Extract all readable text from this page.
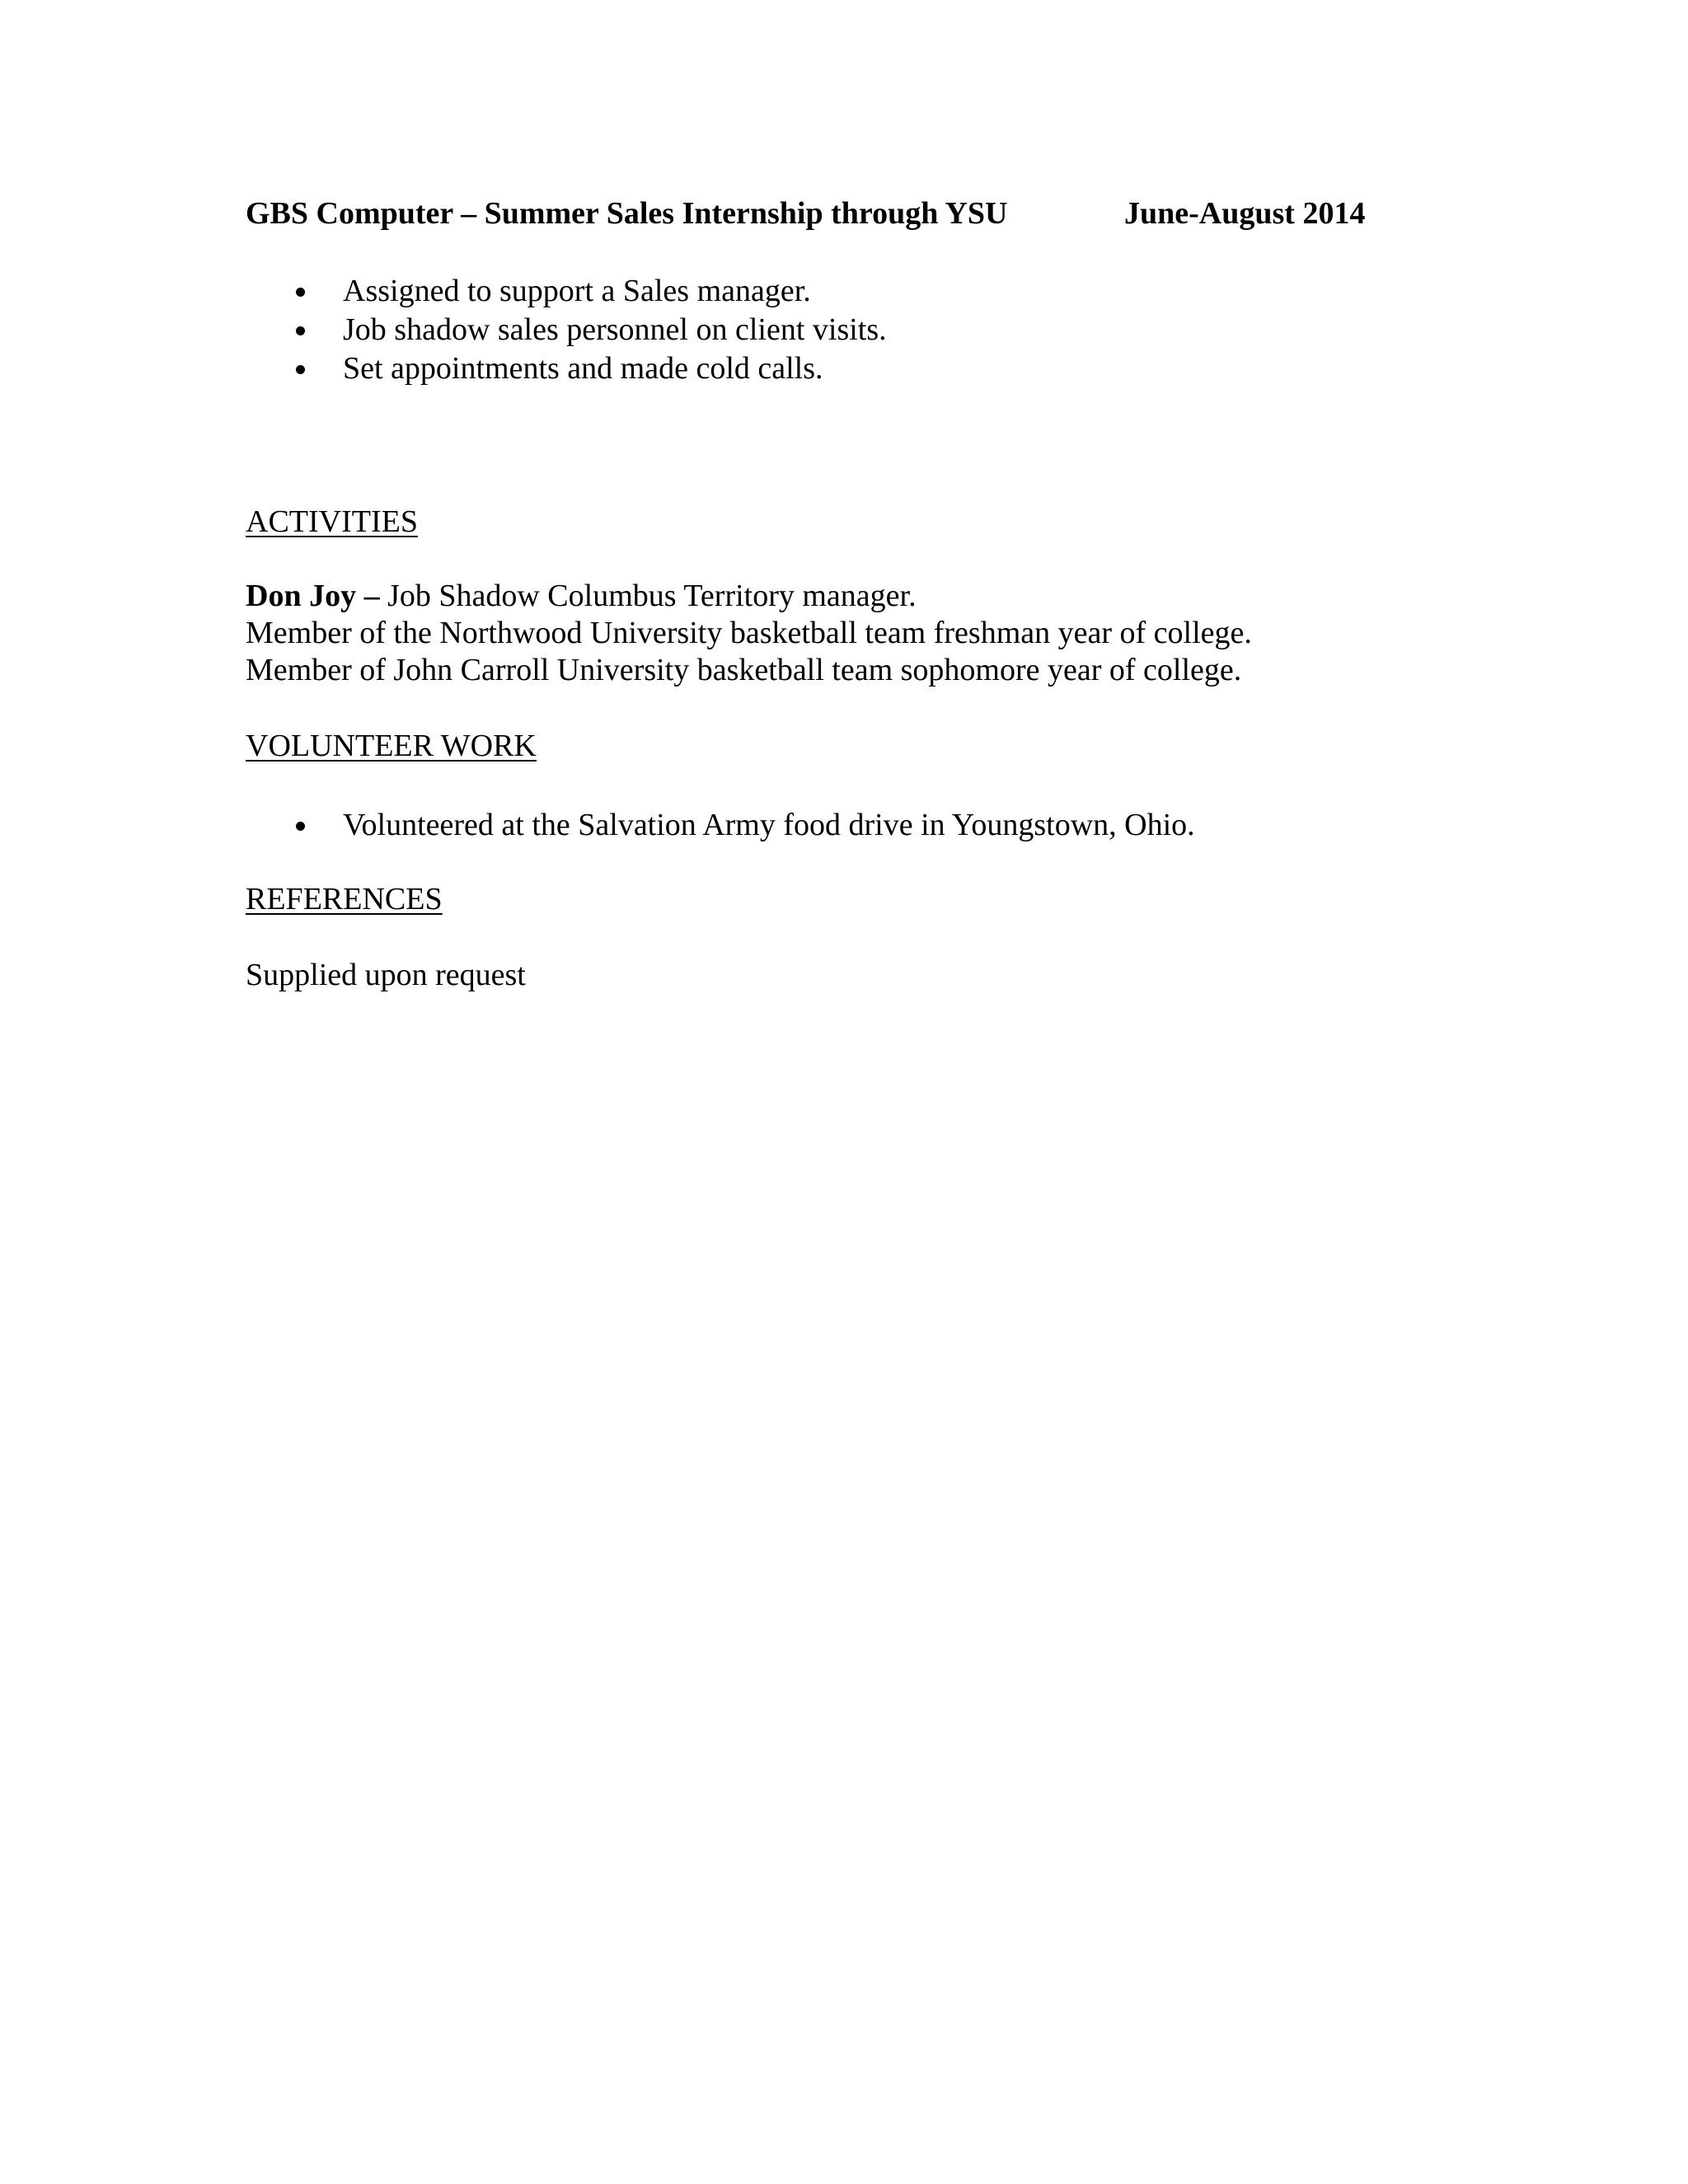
GBS Computer – Summer Sales Internship through YSU	June-August 2014
Assigned to support a Sales manager.
Job shadow sales personnel on client visits.
Set appointments and made cold calls.
ACTIVITIES
Don Joy – Job Shadow Columbus Territory manager.
Member of the Northwood University basketball team freshman year of college.
Member of John Carroll University basketball team sophomore year of college.
VOLUNTEER WORK
Volunteered at the Salvation Army food drive in Youngstown, Ohio.
REFERENCES
Supplied upon request
